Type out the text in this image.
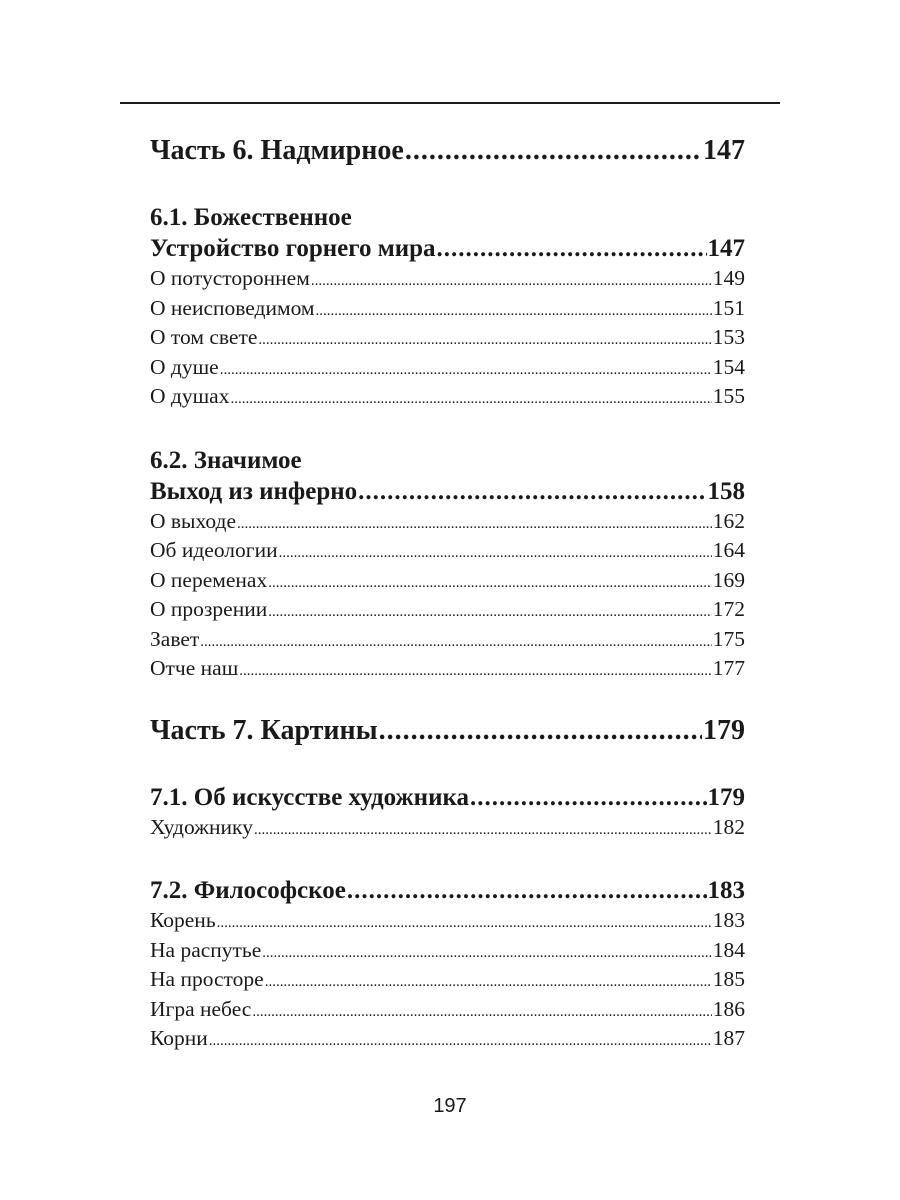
Часть 6. Надмирное .....	147
6.1. Божественное
Устройство горнего мира .....	147
О потустороннем .....	149
О неисповедимом .....	151
О том свете .....	153
О душе .....	154
О душах .....	155
6.2. Значимое
Выход из инферно .....	158
О выходе .....	162
Об идеологии .....	164
О переменах .....	169
О прозрении .....	172
Завет .....	175
Отче наш .....	177
Часть 7. Картины .....	179
7.1. Об искусстве художника .....	179
Художнику .....	182
7.2. Философское .....	183
Корень .....	183
На распутье .....	184
На просторе .....	185
Игра небес .....	186
Корни .....	187
197
